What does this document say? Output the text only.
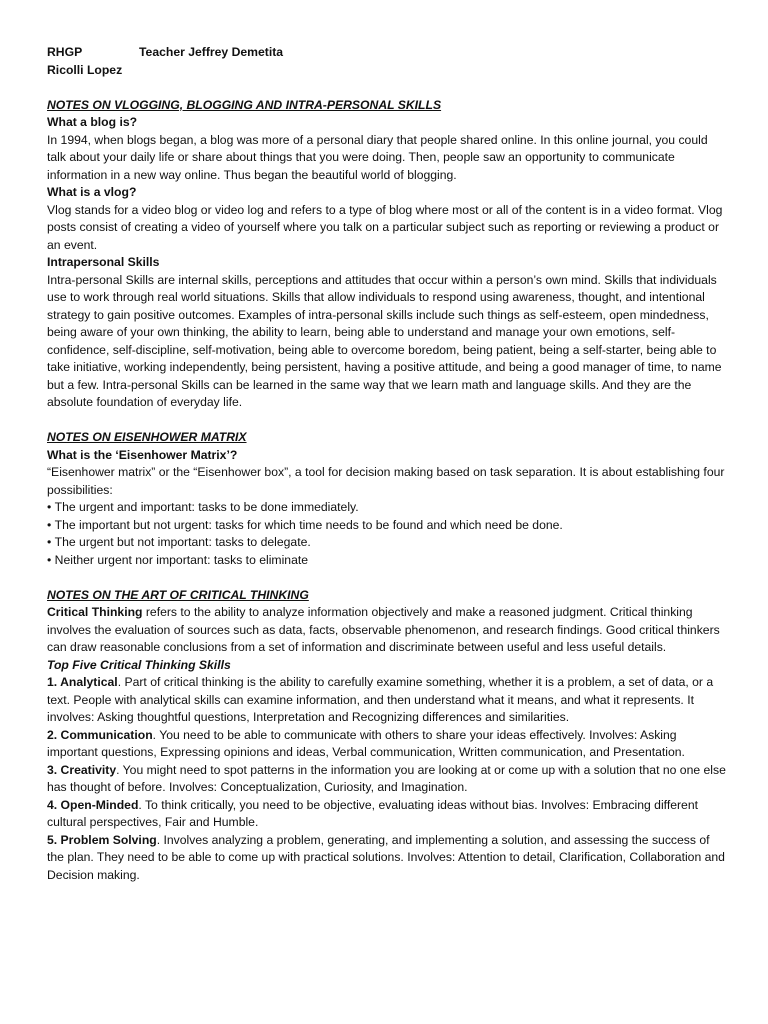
RHGP	Teacher Jeffrey Demetita

Ricolli Lopez

NOTES ON VLOGGING, BLOGGING AND INTRA-PERSONAL SKILLS

What a blog is?

In 1994, when blogs began, a blog was more of a personal diary that people shared online. In this online journal, you could talk about your daily life or share about things that you were doing. Then, people saw an opportunity to communicate information in a new way online. Thus began the beautiful world of blogging.

What is a vlog?

Vlog stands for a video blog or video log and refers to a type of blog where most or all of the content is in a video format. Vlog posts consist of creating a video of yourself where you talk on a particular subject such as reporting or reviewing a product or an event.

Intrapersonal Skills

Intra-personal Skills are internal skills, perceptions and attitudes that occur within a person’s own mind. Skills that individuals use to work through real world situations. Skills that allow individuals to respond using awareness, thought, and intentional strategy to gain positive outcomes. Examples of intra-personal skills include such things as self-esteem, open mindedness, being aware of your own thinking, the ability to learn, being able to understand and manage your own emotions, self-confidence, self-discipline, self-motivation, being able to overcome boredom, being patient, being a self-starter, being able to take initiative, working independently, being persistent, having a positive attitude, and being a good manager of time, to name but a few. Intra-personal Skills can be learned in the same way that we learn math and language skills. And they are the absolute foundation of everyday life.

NOTES ON EISENHOWER MATRIX

What is the ‘Eisenhower Matrix’?

“Eisenhower matrix” or the “Eisenhower box”, a tool for decision making based on task separation. It is about establishing four possibilities:

• The urgent and important: tasks to be done immediately.

• The important but not urgent: tasks for which time needs to be found and which need be done.

• The urgent but not important: tasks to delegate.

• Neither urgent nor important: tasks to eliminate

NOTES ON THE ART OF CRITICAL THINKING

Critical Thinking refers to the ability to analyze information objectively and make a reasoned judgment. Critical thinking involves the evaluation of sources such as data, facts, observable phenomenon, and research findings. Good critical thinkers can draw reasonable conclusions from a set of information and discriminate between useful and less useful details.

Top Five Critical Thinking Skills

1. Analytical. Part of critical thinking is the ability to carefully examine something, whether it is a problem, a set of data, or a text. People with analytical skills can examine information, and then understand what it means, and what it represents. It involves: Asking thoughtful questions, Interpretation and Recognizing differences and similarities.

2. Communication. You need to be able to communicate with others to share your ideas effectively. Involves: Asking important questions, Expressing opinions and ideas, Verbal communication, Written communication, and Presentation.

3. Creativity. You might need to spot patterns in the information you are looking at or come up with a solution that no one else has thought of before. Involves: Conceptualization, Curiosity, and Imagination.

4. Open-Minded. To think critically, you need to be objective, evaluating ideas without bias. Involves: Embracing different cultural perspectives, Fair and Humble.

5. Problem Solving. Involves analyzing a problem, generating, and implementing a solution, and assessing the success of the plan. They need to be able to come up with practical solutions. Involves: Attention to detail, Clarification, Collaboration and Decision making.
